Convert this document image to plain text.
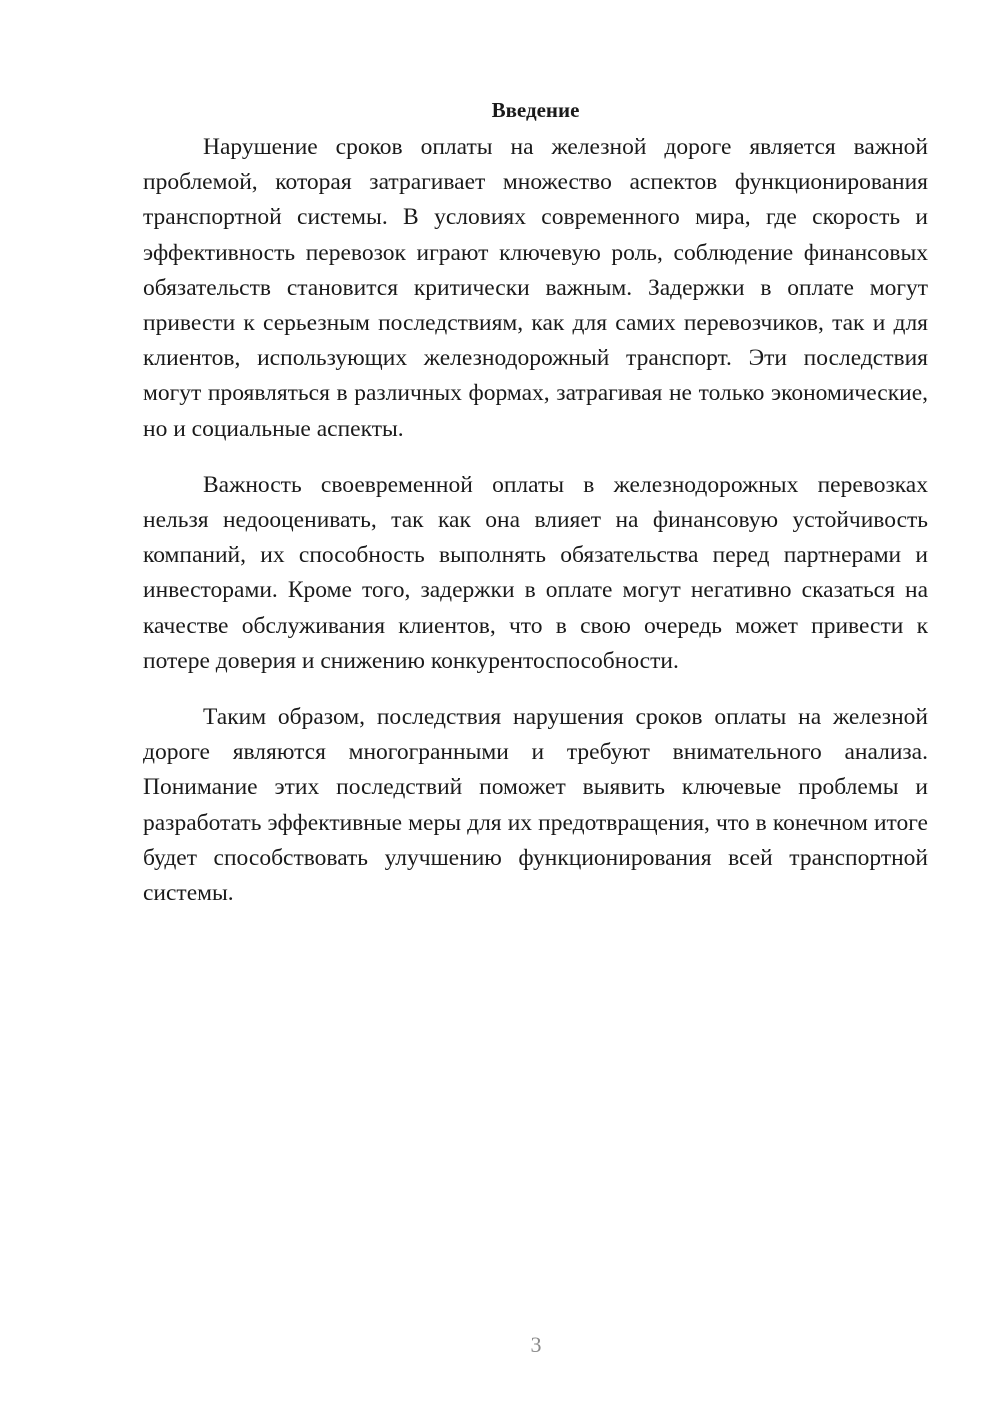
Введение

Нарушение сроков оплаты на железной дороге является важной проблемой, которая затрагивает множество аспектов функционирования транспортной системы. В условиях современного мира, где скорость и эффективность перевозок играют ключевую роль, соблюдение финансовых обязательств становится критически важным. Задержки в оплате могут привести к серьезным последствиям, как для самих перевозчиков, так и для клиентов, использующих железнодорожный транспорт. Эти последствия могут проявляться в различных формах, затрагивая не только экономические, но и социальные аспекты.

Важность своевременной оплаты в железнодорожных перевозках нельзя недооценивать, так как она влияет на финансовую устойчивость компаний, их способность выполнять обязательства перед партнерами и инвесторами. Кроме того, задержки в оплате могут негативно сказаться на качестве обслуживания клиентов, что в свою очередь может привести к потере доверия и снижению конкурентоспособности.

Таким образом, последствия нарушения сроков оплаты на железной дороге являются многогранными и требуют внимательного анализа. Понимание этих последствий поможет выявить ключевые проблемы и разработать эффективные меры для их предотвращения, что в конечном итоге будет способствовать улучшению функционирования всей транспортной системы.

3
